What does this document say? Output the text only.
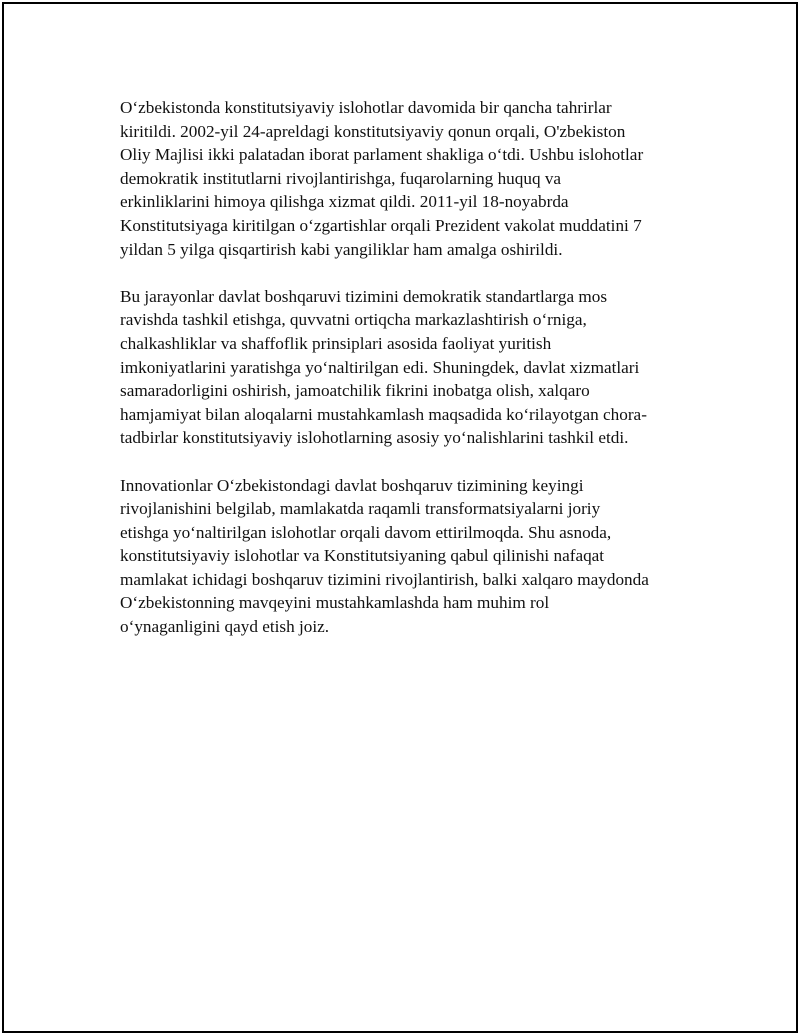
O‘zbekistonda konstitutsiyaviy islohotlar davomida bir qancha tahrirlar
kiritildi. 2002-yil 24-apreldagi konstitutsiyaviy qonun orqali, O'zbekiston
Oliy Majlisi ikki palatadan iborat parlament shakliga o‘tdi. Ushbu islohotlar
demokratik institutlarni rivojlantirishga, fuqarolarning huquq va
erkinliklarini himoya qilishga xizmat qildi. 2011-yil 18-noyabrda
Konstitutsiyaga kiritilgan o‘zgartishlar orqali Prezident vakolat muddatini 7
yildan 5 yilga qisqartirish kabi yangiliklar ham amalga oshirildi.

Bu jarayonlar davlat boshqaruvi tizimini demokratik standartlarga mos
ravishda tashkil etishga, quvvatni ortiqcha markazlashtirish o‘rniga,
chalkashliklar va shaffoflik prinsiplari asosida faoliyat yuritish
imkoniyatlarini yaratishga yo‘naltirilgan edi. Shuningdek, davlat xizmatlari
samaradorligini oshirish, jamoatchilik fikrini inobatga olish, xalqaro
hamjamiyat bilan aloqalarni mustahkamlash maqsadida ko‘rilayotgan chora-
tadbirlar konstitutsiyaviy islohotlarning asosiy yo‘nalishlarini tashkil etdi.

Innovationlar O‘zbekistondagi davlat boshqaruv tizimining keyingi
rivojlanishini belgilab, mamlakatda raqamli transformatsiyalarni joriy
etishga yo‘naltirilgan islohotlar orqali davom ettirilmoqda. Shu asnoda,
konstitutsiyaviy islohotlar va Konstitutsiyaning qabul qilinishi nafaqat
mamlakat ichidagi boshqaruv tizimini rivojlantirish, balki xalqaro maydonda
O‘zbekistonning mavqeyini mustahkamlashda ham muhim rol
o‘ynaganligini qayd etish joiz.
